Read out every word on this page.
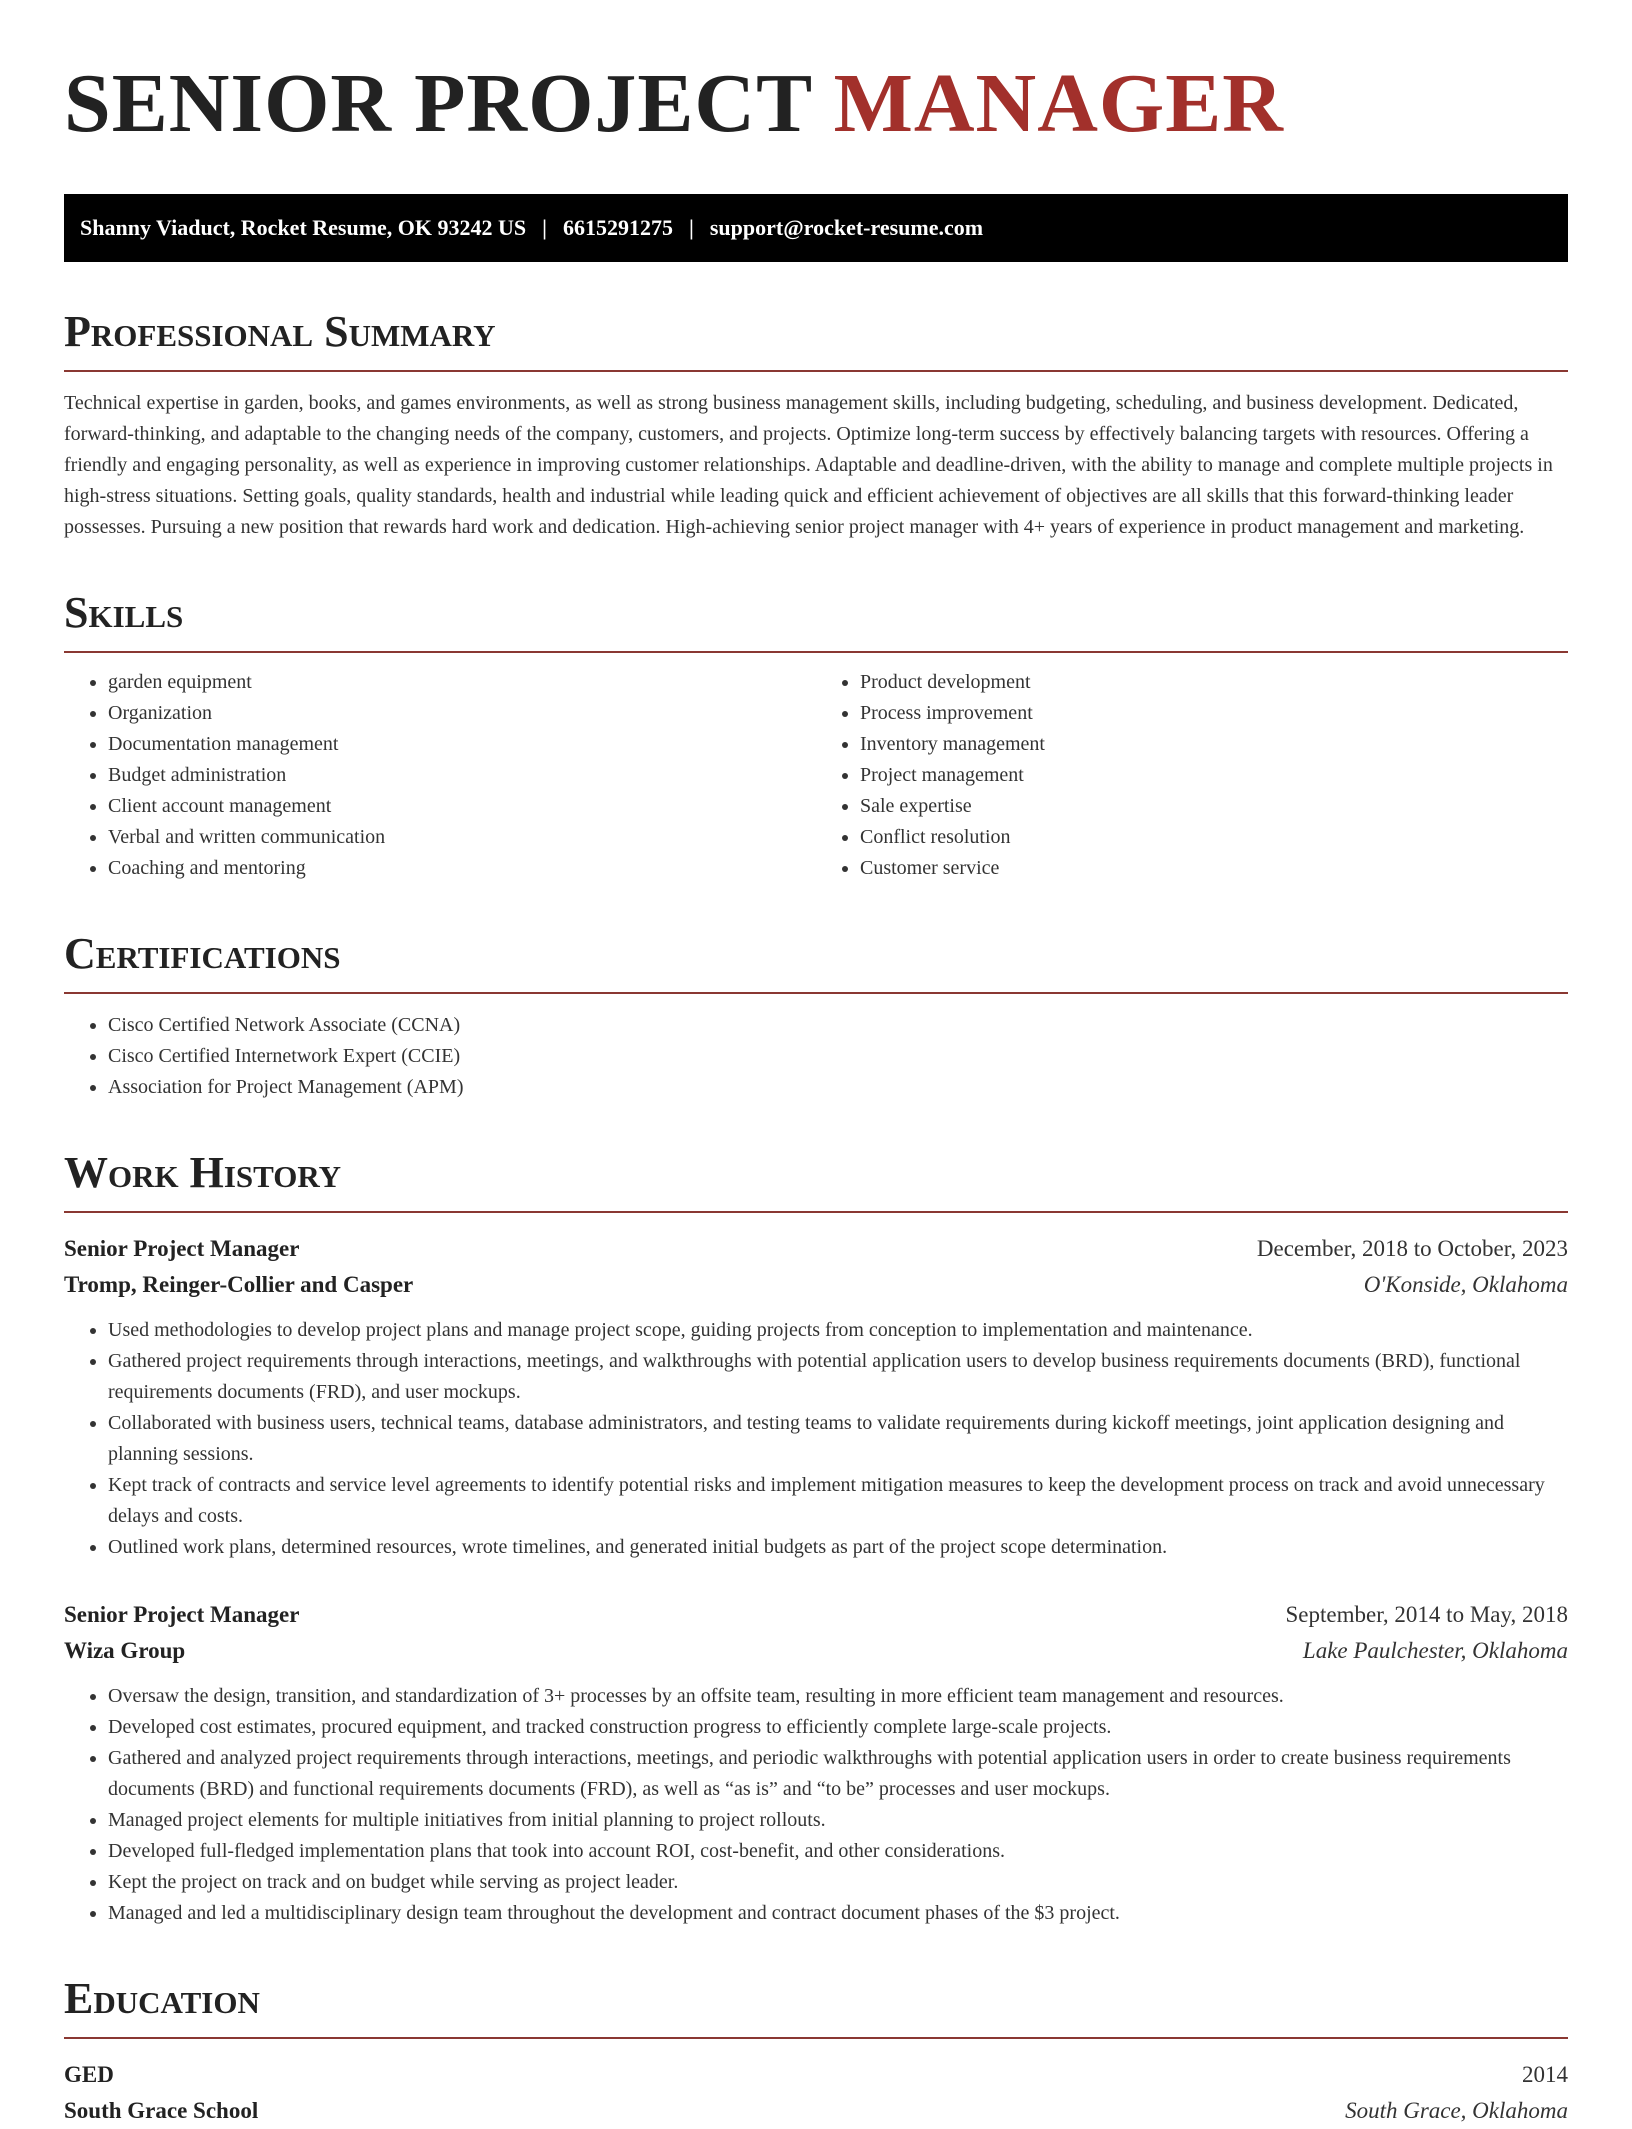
SENIOR PROJECT MANAGER
Shanny Viaduct, Rocket Resume, OK 93242 US | 6615291275 | support@rocket-resume.com
Professional Summary

Technical expertise in garden, books, and games environments, as well as strong business management skills, including budgeting, scheduling, and business development. Dedicated, forward-thinking, and adaptable to the changing needs of the company, customers, and projects. Optimize long-term success by effectively balancing targets with resources. Offering a friendly and engaging personality, as well as experience in improving customer relationships. Adaptable and deadline-driven, with the ability to manage and complete multiple projects in high-stress situations. Setting goals, quality standards, health and industrial while leading quick and efficient achievement of objectives are all skills that this forward-thinking leader possesses. Pursuing a new position that rewards hard work and dedication. High-achieving senior project manager with 4+ years of experience in product management and marketing.

Skills
• garden equipment
• Organization
• Documentation management
• Budget administration
• Client account management
• Verbal and written communication
• Coaching and mentoring
• Product development
• Process improvement
• Inventory management
• Project management
• Sale expertise
• Conflict resolution
• Customer service
Certifications
• Cisco Certified Network Associate (CCNA)
• Cisco Certified Internetwork Expert (CCIE)
• Association for Project Management (APM)
Work History
Senior Project Manager	December, 2018 to October, 2023
Tromp, Reinger-Collier and Casper	O'Konside, Oklahoma
• Used methodologies to develop project plans and manage project scope, guiding projects from conception to implementation and maintenance.
• Gathered project requirements through interactions, meetings, and walkthroughs with potential application users to develop business requirements documents (BRD), functional requirements documents (FRD), and user mockups.
• Collaborated with business users, technical teams, database administrators, and testing teams to validate requirements during kickoff meetings, joint application designing and planning sessions.
• Kept track of contracts and service level agreements to identify potential risks and implement mitigation measures to keep the development process on track and avoid unnecessary delays and costs.
• Outlined work plans, determined resources, wrote timelines, and generated initial budgets as part of the project scope determination.
Senior Project Manager	September, 2014 to May, 2018
Wiza Group	Lake Paulchester, Oklahoma
• Oversaw the design, transition, and standardization of 3+ processes by an offsite team, resulting in more efficient team management and resources.
• Developed cost estimates, procured equipment, and tracked construction progress to efficiently complete large-scale projects.
• Gathered and analyzed project requirements through interactions, meetings, and periodic walkthroughs with potential application users in order to create business requirements documents (BRD) and functional requirements documents (FRD), as well as “as is” and “to be” processes and user mockups.
• Managed project elements for multiple initiatives from initial planning to project rollouts.
• Developed full-fledged implementation plans that took into account ROI, cost-benefit, and other considerations.
• Kept the project on track and on budget while serving as project leader.
• Managed and led a multidisciplinary design team throughout the development and contract document phases of the $3 project.
Education
GED	2014
South Grace School	South Grace, Oklahoma
